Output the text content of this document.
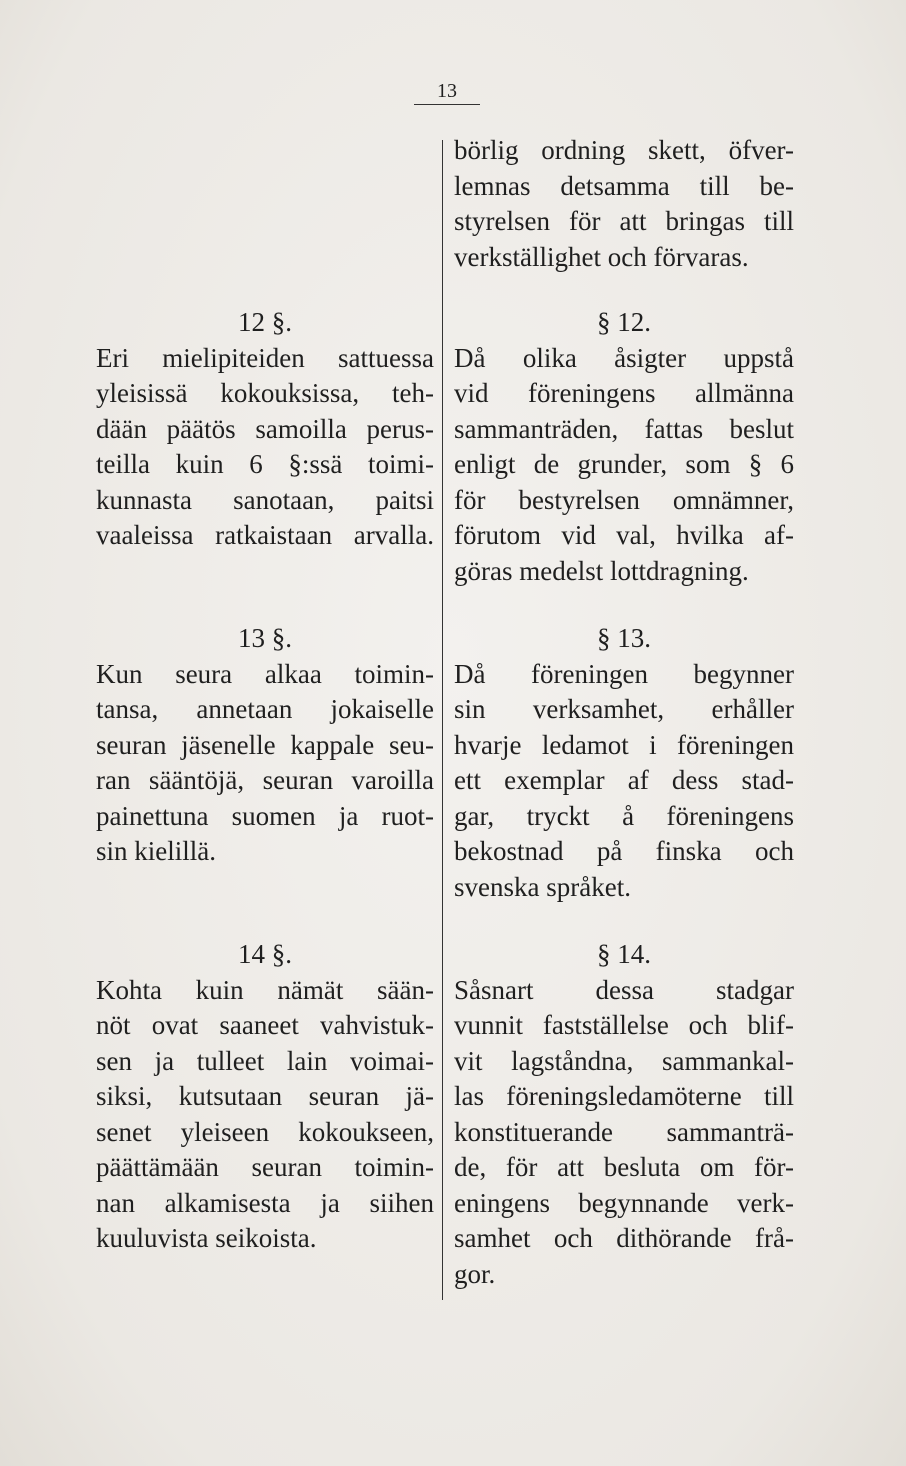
13

12 §.

Eri mielipiteiden sattuessa
yleisissä kokouksissa, teh-
dään päätös samoilla perus-
teilla kuin 6 §:ssä toimi-
kunnasta sanotaan, paitsi
vaaleissa ratkaistaan arvalla.

13 §.

Kun seura alkaa toimin-
tansa, annetaan jokaiselle
seuran jäsenelle kappale seu-
ran sääntöjä, seuran varoilla
painettuna suomen ja ruot-
sin kielillä.

14 §.

Kohta kuin nämät sään-
nöt ovat saaneet vahvistuk-
sen ja tulleet lain voimai-
siksi, kutsutaan seuran jä-
senet yleiseen kokoukseen,
päättämään seuran toimin-
nan alkamisesta ja siihen
kuuluvista seikoista.

börlig ordning skett, öfver-
lemnas detsamma till be-
styrelsen för att bringas till
verkställighet och förvaras.

§ 12.

Då olika åsigter uppstå
vid föreningens allmänna
sammanträden, fattas beslut
enligt de grunder, som § 6
för bestyrelsen omnämner,
förutom vid val, hvilka af-
göras medelst lottdragning.

§ 13.

Då föreningen begynner
sin verksamhet, erhåller
hvarje ledamot i föreningen
ett exemplar af dess stad-
gar, tryckt å föreningens
bekostnad på finska och
svenska språket.

§ 14.

Såsnart dessa stadgar
vunnit fastställelse och blif-
vit lagståndna, sammankal-
las föreningsledamöterne till
konstituerande sammanträ-
de, för att besluta om för-
eningens begynnande verk-
samhet och dithörande frå-
gor.
